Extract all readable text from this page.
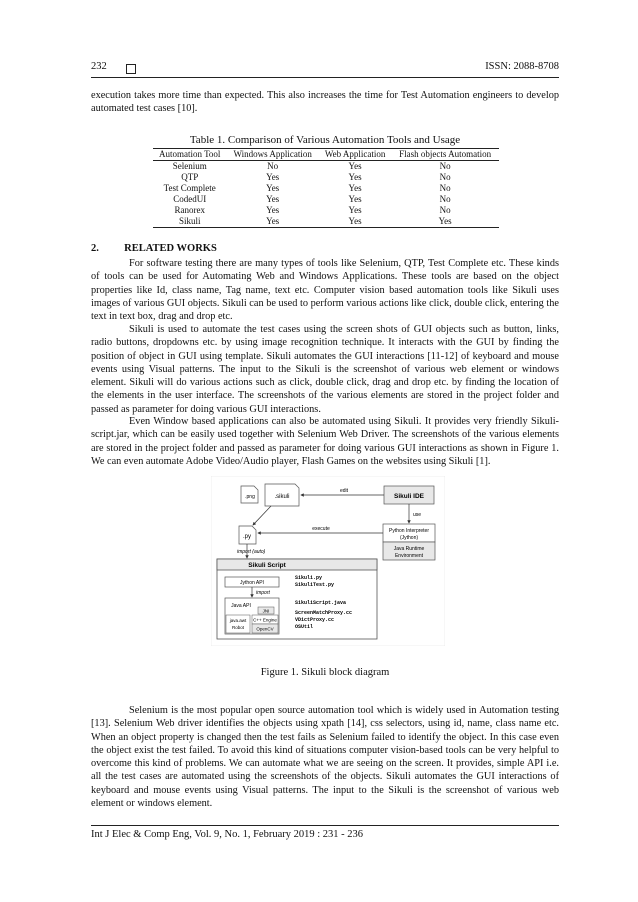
232	ISSN: 2088-8708

execution takes more time than expected. This also increases the time for Test Automation engineers to develop automated test cases [10].

Table 1. Comparison of Various Automation Tools and Usage
Automation Tool	Windows Application	Web Application	Flash objects Automation
Selenium	No	Yes	No
QTP	Yes	Yes	No
Test Complete	Yes	Yes	No
CodedUI	Yes	Yes	No
Ranorex	Yes	Yes	No
Sikuli	Yes	Yes	Yes
2. RELATED WORKS

For software testing there are many types of tools like Selenium, QTP, Test Complete etc. These kinds of tools can be used for Automating Web and Windows Applications. These tools are based on the object properties like Id, class name, Tag name, text etc. Computer vision based automation tools like Sikuli uses images of various GUI objects. Sikuli can be used to perform various actions like click, double click, entering the text in text box, drag and drop etc.

Sikuli is used to automate the test cases using the screen shots of GUI objects such as button, links, radio buttons, dropdowns etc. by using image recognition technique. It interacts with the GUI by finding the position of object in GUI using template. Sikuli automates the GUI interactions [11-12] of keyboard and mouse events using Visual patterns. The input to the Sikuli is the screenshot of various web element or windows element. Sikuli will do various actions such as click, double click, drag and drop etc. by finding the location of the elements in the user interface. The screenshots of the various elements are stored in the project folder and passed as parameter for doing various GUI interactions.

Even Window based applications can also be automated using Sikuli. It provides very friendly Sikuli-script.jar, which can be easily used together with Selenium Web Driver. The screenshots of the various elements are stored in the project folder and passed as parameter for doing various GUI interactions as shown in Figure 1. We can even automate Adobe Video/Audio player, Flash Games on the websites using Sikuli [1].

.png	.sikuli	Sikuli IDE
edit
use
Python Interpreter
(Jython)
Java Runtime
Environment
.py
execute
import (auto)
Sikuli Script
Jython API
import
Java API
JNI
java.awt
Robot
C++ Engine
OpenCV
Sikuli.py
SikuliTest.py
SikuliScript.java
ScreenMatchProxy.cc
VDictProxy.cc
OSUtil
Figure 1. Sikuli block diagram

Selenium is the most popular open source automation tool which is widely used in Automation testing [13]. Selenium Web driver identifies the objects using xpath [14], css selectors, using id, name, class name etc. When an object property is changed then the test fails as Selenium failed to identify the object. In this case even the object exist the test failed. To avoid this kind of situations computer vision-based tools can be very helpful to overcome this kind of problems. We can automate what we are seeing on the screen. It provides, simple API i.e. all the test cases are automated using the screenshots of the objects. Sikuli automates the GUI interactions of keyboard and mouse events using Visual patterns. The input to the Sikuli is the screenshot of various web element or windows element.

Int J Elec & Comp Eng, Vol. 9, No. 1, February 2019 : 231 - 236
